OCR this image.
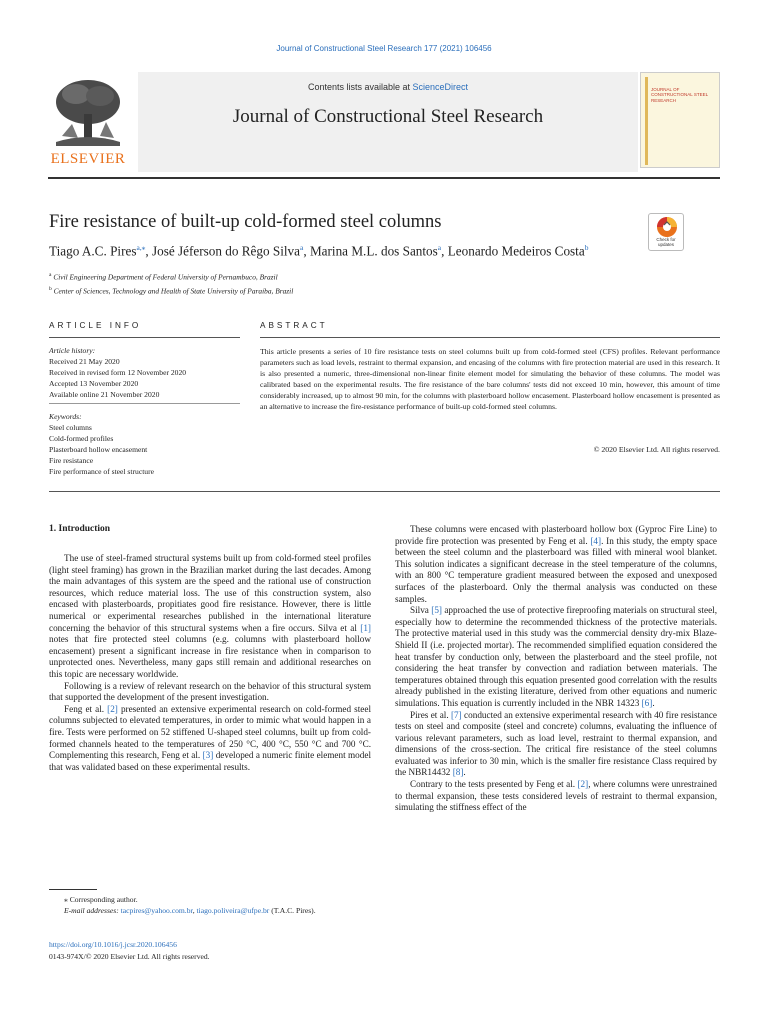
Journal of Constructional Steel Research 177 (2021) 106456
ELSEVIER
Contents lists available at ScienceDirect
Journal of Constructional Steel Research
JOURNAL OF CONSTRUCTIONAL STEEL RESEARCH
Fire resistance of built-up cold-formed steel columns
Check for updates
Tiago A.C. Pires$^{a,⁎}$, José Jéferson do Rêgo Silva$^a$, Marina M.L. dos Santos$^a$, Leonardo Medeiros Costa$^b$
$^a$ Civil Engineering Department of Federal University of Pernambuco, Brazil
$^b$ Center of Sciences, Technology and Health of State University of Paraíba, Brazil
ARTICLE INFO	ABSTRACT
Article history:
Received 21 May 2020
Received in revised form 12 November 2020
Accepted 13 November 2020
Available online 21 November 2020
Keywords:
Steel columns
Cold-formed profiles
Plasterboard hollow encasement
Fire resistance
Fire performance of steel structure
This article presents a series of 10 fire resistance tests on steel columns built up from cold-formed steel (CFS) profiles. Relevant performance parameters such as load levels, restraint to thermal expansion, and encasing of the columns with fire protection material are used in this research. It is also presented a numeric, three-dimensional non-linear finite element model for simulating the behavior of these columns. The model was calibrated based on the experimental results. The fire resistance of the bare columns' tests did not exceed 10 min, however, this amount of time considerably increased, up to almost 90 min, for the columns with plasterboard hollow encasement. Plasterboard hollow encasement is presented as an alternative to increase the fire-resistance performance of built-up cold-formed steel columns.
© 2020 Elsevier Ltd. All rights reserved.
1. Introduction

The use of steel-framed structural systems built up from cold-formed steel profiles (light steel framing) has grown in the Brazilian market during the last decades. Among the main advantages of this system are the speed and the rational use of construction resources, which reduce material loss. The use of this construction system, also encased with plasterboards, propitiates good fire resistance. However, there is little numerical or experimental researches published in the international literature concerning the behavior of this structural systems when a fire occurs. Silva et al [1] notes that fire protected steel columns (e.g. columns with plasterboard hollow encasement) present a significant increase in fire resistance when in comparison to unprotected ones. Nevertheless, many gaps still remain and additional researches on this topic are necessary worldwide.

Following is a review of relevant research on the behavior of this structural system that supported the development of the present investigation.

Feng et al. [2] presented an extensive experimental research on cold-formed steel columns subjected to elevated temperatures, in order to mimic what would happen in a fire. Tests were performed on 52 stiffened U-shaped steel columns, built up from cold-formed channels heated to the temperatures of 250 °C, 400 °C, 550 °C and 700 °C. Complementing this research, Feng et al. [3] developed a numeric finite element model that was validated based on these experimental results.

These columns were encased with plasterboard hollow box (Gyproc Fire Line) to provide fire protection was presented by Feng et al. [4]. In this study, the empty space between the steel column and the plasterboard was filled with mineral wool blanket. This solution indicates a significant decrease in the steel temperature of the columns, with an 800 °C temperature gradient measured between the exposed and unexposed surfaces of the plasterboard. Only the thermal analysis was conducted on these samples.

Silva [5] approached the use of protective fireproofing materials on structural steel, especially how to determine the recommended thickness of the protective materials. The protective material used in this study was the commercial density dry-mix Blaze-Shield II (i.e. projected mortar). The recommended simplified equation considered the heat transfer by conduction only, between the plasterboard and the steel profile, not considering the heat transfer by convection and radiation between materials. The temperatures obtained through this equation presented good correlation with the results already published in the existing literature, derived from other equations and numeric simulations. This equation is currently included in the NBR 14323 [6].

Pires et al. [7] conducted an extensive experimental research with 40 fire resistance tests on steel and composite (steel and concrete) columns, evaluating the influence of various relevant parameters, such as load level, restraint to thermal expansion, and dimensions of the cross-section. The critical fire resistance of the steel columns evaluated was inferior to 30 min, which is the smaller fire resistance Class required by the NBR14432 [8].

Contrary to the tests presented by Feng et al. [2], where columns were unrestrained to thermal expansion, these tests considered levels of restraint to thermal expansion, simulating the stiffness effect of the

⁎ Corresponding author.
E-mail addresses: tacpires@yahoo.com.br, tiago.poliveira@ufpe.br (T.A.C. Pires).
https://doi.org/10.1016/j.jcsr.2020.106456
0143-974X/© 2020 Elsevier Ltd. All rights reserved.
